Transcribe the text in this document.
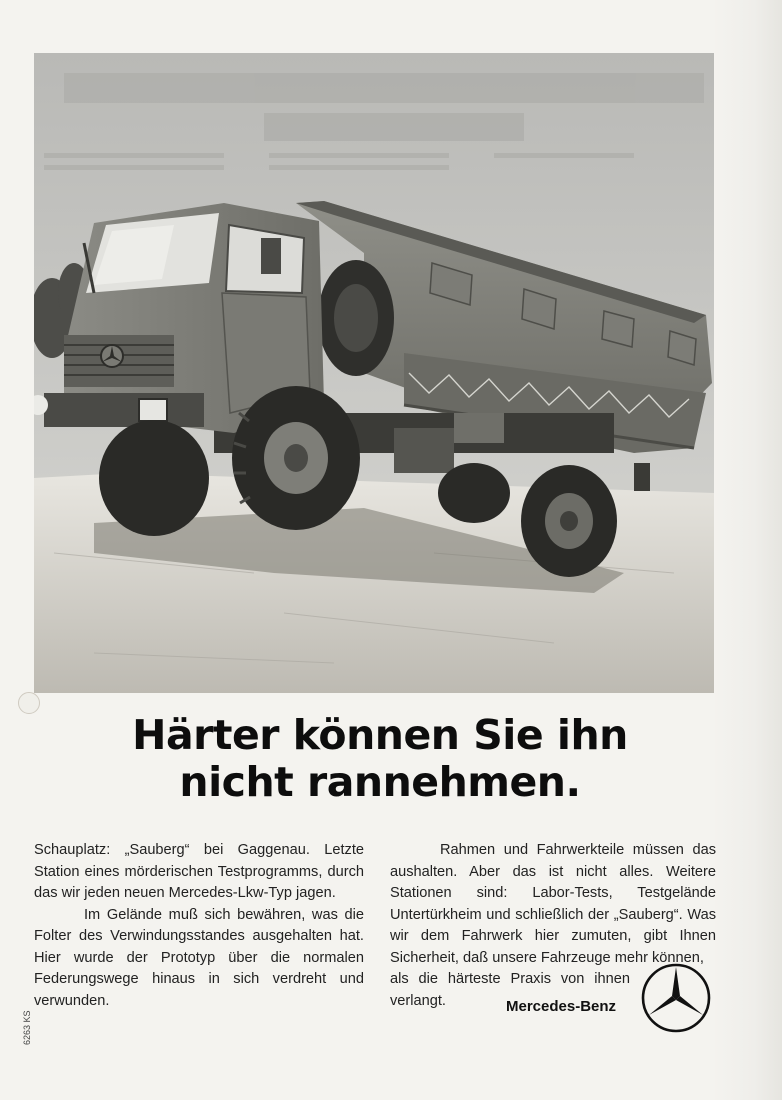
Härter können Sie ihn
nicht rannehmen.

Schauplatz: „Sauberg“ bei Gaggenau. Letzte Station eines mörderischen Testprogramms, durch das wir jeden neuen Mercedes-Lkw-Typ jagen.

Im Gelände muß sich bewähren, was die Folter des Verwindungsstandes ausgehalten hat. Hier wurde der Prototyp über die normalen Federungswege hinaus in sich verdreht und verwunden.

Rahmen und Fahrwerkteile müssen das aushalten. Aber das ist nicht alles. Weitere Stationen sind: Labor-Tests, Testgelände Untertürkheim und schließlich der „Sauberg“. Was wir dem Fahrwerk hier zumuten, gibt Ihnen Sicherheit, daß unsere Fahrzeuge mehr können,

als die härteste Praxis von ihnen verlangt.	Mercedes-Benz
6263 KS
